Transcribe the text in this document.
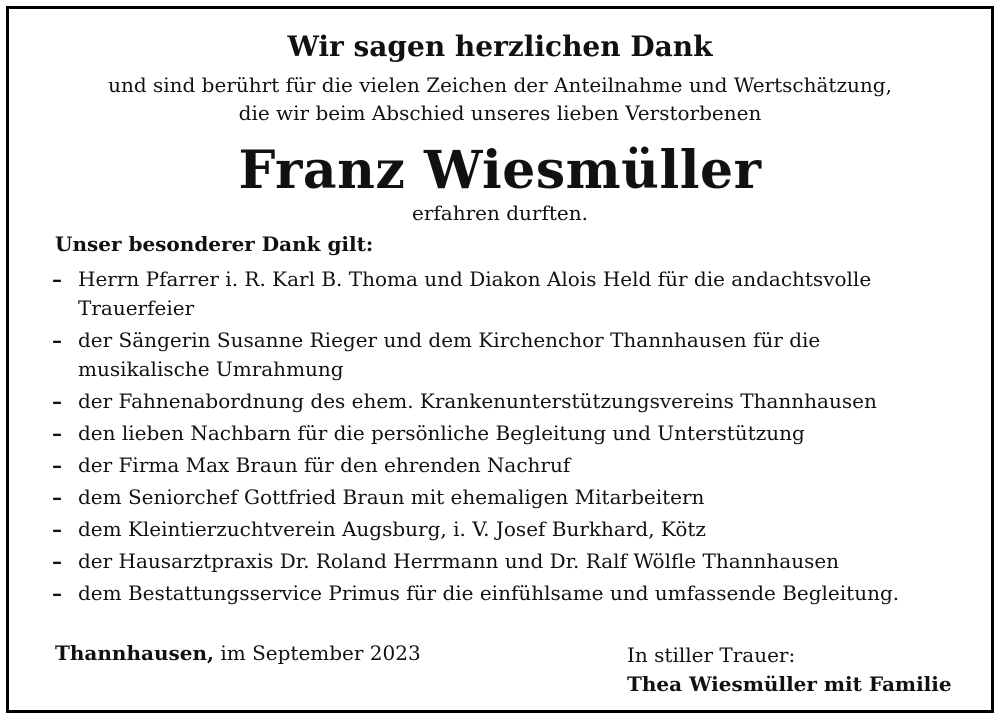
Wir sagen herzlichen Dank
und sind berührt für die vielen Zeichen der Anteilnahme und Wertschätzung,
die wir beim Abschied unseres lieben Verstorbenen
Franz Wiesmüller
erfahren durften.
Unser besonderer Dank gilt:
– Herrn Pfarrer i. R. Karl B. Thoma und Diakon Alois Held für die andachtsvolle
Trauerfeier
– der Sängerin Susanne Rieger und dem Kirchenchor Thannhausen für die
musikalische Umrahmung
– der Fahnenabordnung des ehem. Krankenunterstützungsvereins Thannhausen
– den lieben Nachbarn für die persönliche Begleitung und Unterstützung
– der Firma Max Braun für den ehrenden Nachruf
– dem Seniorchef Gottfried Braun mit ehemaligen Mitarbeitern
– dem Kleintierzuchtverein Augsburg, i. V. Josef Burkhard, Kötz
– der Hausarztpraxis Dr. Roland Herrmann und Dr. Ralf Wölfle Thannhausen
– dem Bestattungsservice Primus für die einfühlsame und umfassende Begleitung.
Thannhausen, im September 2023	In stiller Trauer:
Thea Wiesmüller mit Familie
